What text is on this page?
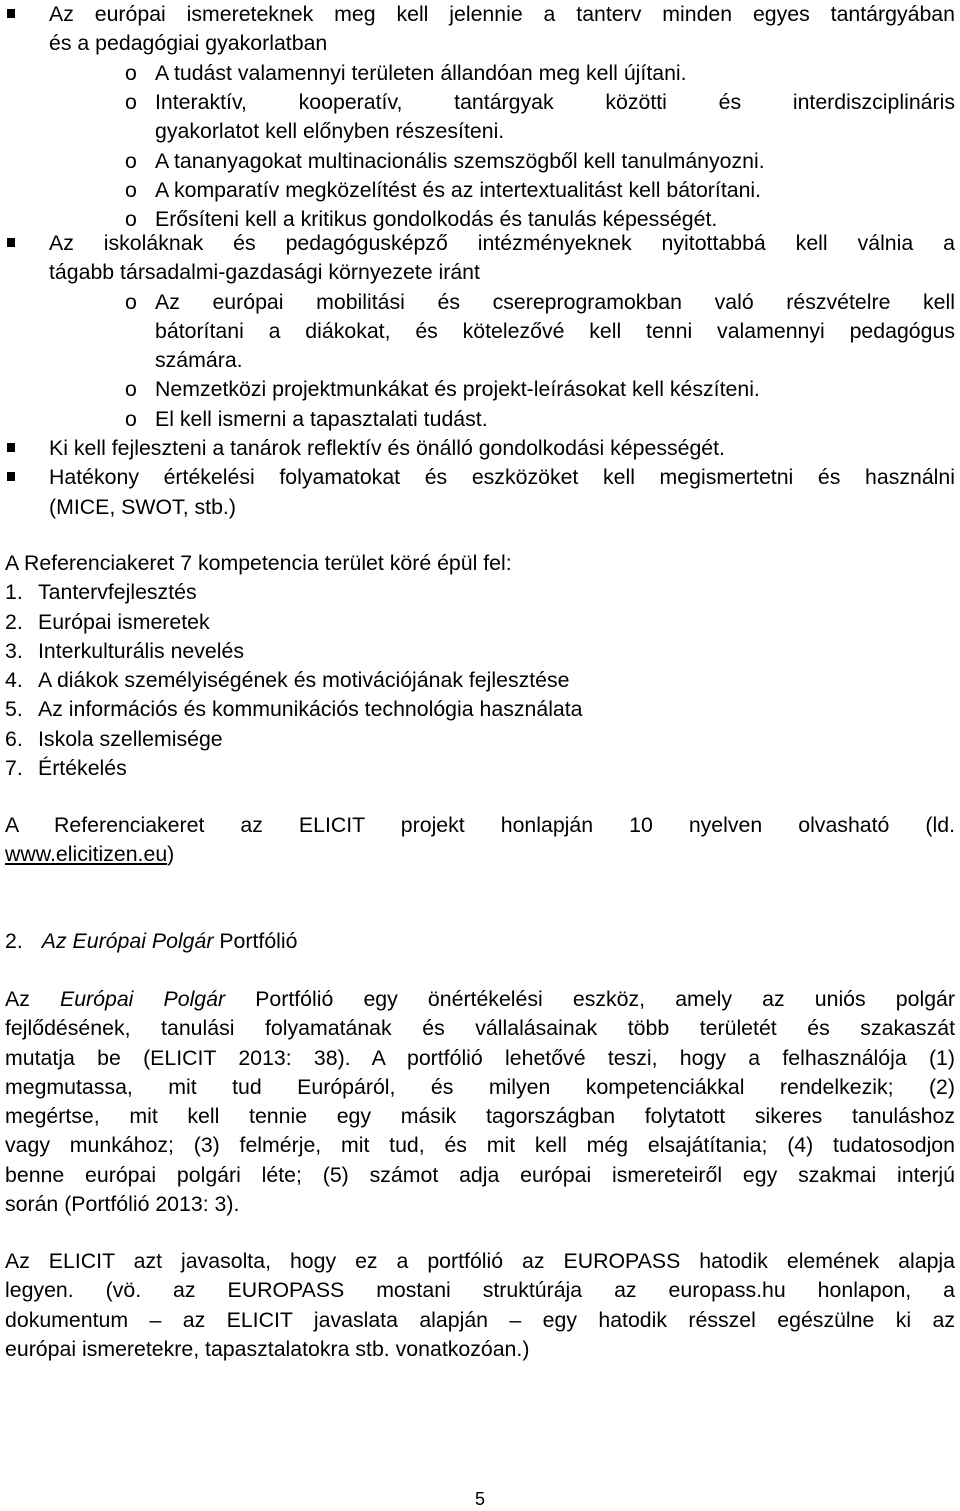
Az európai ismereteknek meg kell jelennie a tanterv minden egyes tantárgyában
és a pedagógiai gyakorlatban
o A tudást valamennyi területen állandóan meg kell újítani.
o Interaktív, kooperatív, tantárgyak közötti és interdiszciplináris
gyakorlatot kell előnyben részesíteni.
o A tananyagokat multinacionális szemszögből kell tanulmányozni.
o A komparatív megközelítést és az intertextualitást kell bátorítani.
o Erősíteni kell a kritikus gondolkodás és tanulás képességét.
Az iskoláknak és pedagógusképző intézményeknek nyitottabbá kell válnia a
tágabb társadalmi-gazdasági környezete iránt
o Az európai mobilitási és csereprogramokban való részvételre kell
bátorítani a diákokat, és kötelezővé kell tenni valamennyi pedagógus
számára.
o Nemzetközi projektmunkákat és projekt-leírásokat kell készíteni.
o El kell ismerni a tapasztalati tudást.
Ki kell fejleszteni a tanárok reflektív és önálló gondolkodási képességét.
Hatékony értékelési folyamatokat és eszközöket kell megismertetni és használni
(MICE, SWOT, stb.)
A Referenciakeret 7 kompetencia terület köré épül fel:
1. Tantervfejlesztés
2. Európai ismeretek
3. Interkulturális nevelés
4. A diákok személyiségének és motivációjának fejlesztése
5. Az információs és kommunikációs technológia használata
6. Iskola szellemisége
7. Értékelés
A Referenciakeret az ELICIT projekt honlapján 10 nyelven olvasható (ld.
www.elicitizen.eu)
2. Az Európai Polgár Portfólió
Az Európai Polgár Portfólió egy önértékelési eszköz, amely az uniós polgár
fejlődésének, tanulási folyamatának és vállalásainak több területét és szakaszát
mutatja be (ELICIT 2013: 38). A portfólió lehetővé teszi, hogy a felhasználója (1)
megmutassa, mit tud Európáról, és milyen kompetenciákkal rendelkezik; (2)
megértse, mit kell tennie egy másik tagországban folytatott sikeres tanuláshoz
vagy munkához; (3) felmérje, mit tud, és mit kell még elsajátítania; (4) tudatosodjon
benne európai polgári léte; (5) számot adja európai ismereteiről egy szakmai interjú
során (Portfólió 2013: 3).
Az ELICIT azt javasolta, hogy ez a portfólió az EUROPASS hatodik elemének alapja
legyen. (vö. az EUROPASS mostani struktúrája az europass.hu honlapon, a
dokumentum – az ELICIT javaslata alapján – egy hatodik résszel egészülne ki az
európai ismeretekre, tapasztalatokra stb. vonatkozóan.)
5
